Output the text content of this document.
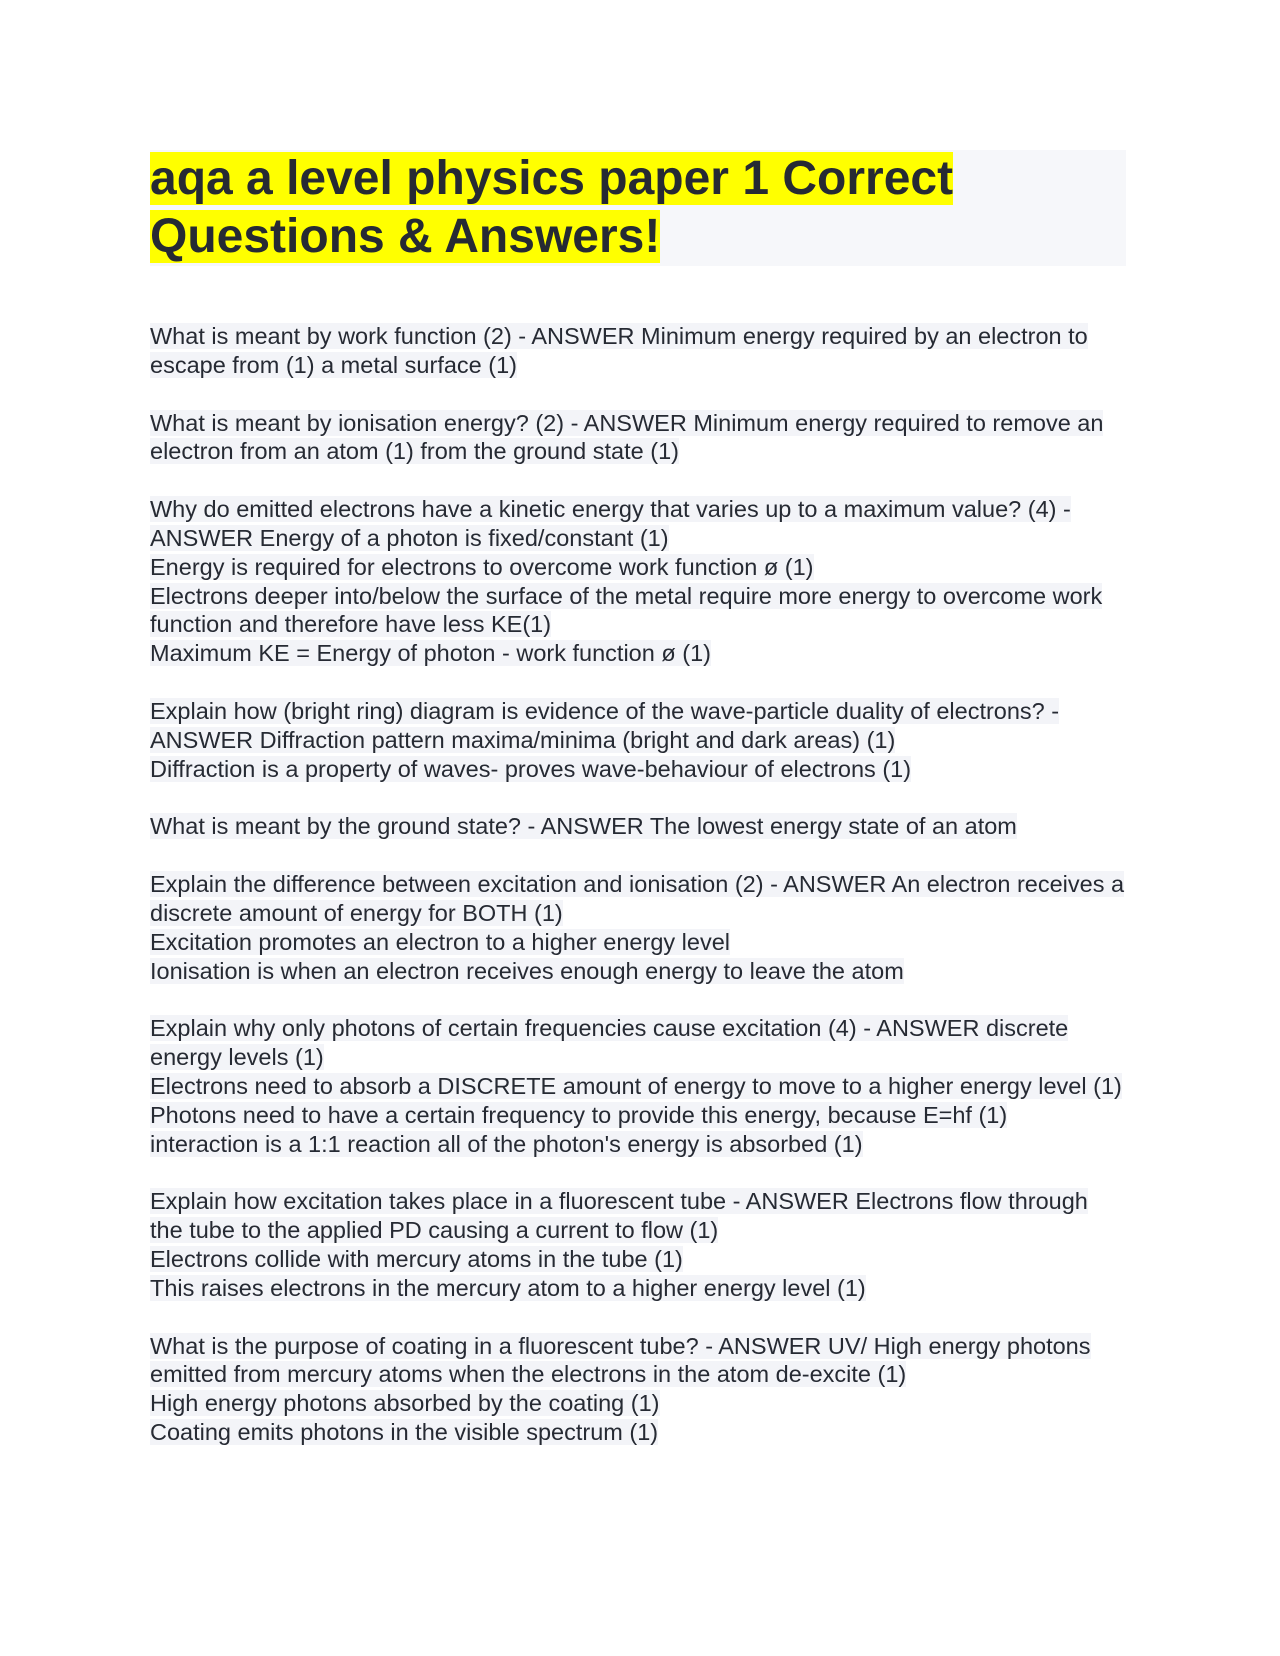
aqa a level physics paper 1 Correct Questions & Answers!
What is meant by work function (2) - ANSWER Minimum energy required by an electron to escape from (1) a metal surface (1)
What is meant by ionisation energy? (2) - ANSWER Minimum energy required to remove an electron from an atom (1) from the ground state (1)
Why do emitted electrons have a kinetic energy that varies up to a maximum value? (4) - ANSWER Energy of a photon is fixed/constant (1)
Energy is required for electrons to overcome work function ø (1)
Electrons deeper into/below the surface of the metal require more energy to overcome work function and therefore have less KE(1)
Maximum KE = Energy of photon - work function ø (1)
Explain how (bright ring) diagram is evidence of the wave-particle duality of electrons? - ANSWER Diffraction pattern maxima/minima (bright and dark areas) (1)
Diffraction is a property of waves- proves wave-behaviour of electrons (1)
What is meant by the ground state? - ANSWER The lowest energy state of an atom
Explain the difference between excitation and ionisation (2) - ANSWER An electron receives a discrete amount of energy for BOTH (1)
Excitation promotes an electron to a higher energy level
Ionisation is when an electron receives enough energy to leave the atom
Explain why only photons of certain frequencies cause excitation (4) - ANSWER discrete energy levels (1)
Electrons need to absorb a DISCRETE amount of energy to move to a higher energy level (1)
Photons need to have a certain frequency to provide this energy, because E=hf (1)
interaction is a 1:1 reaction all of the photon's energy is absorbed (1)
Explain how excitation takes place in a fluorescent tube - ANSWER Electrons flow through the tube to the applied PD causing a current to flow (1)
Electrons collide with mercury atoms in the tube (1)
This raises electrons in the mercury atom to a higher energy level (1)
What is the purpose of coating in a fluorescent tube? - ANSWER UV/ High energy photons emitted from mercury atoms when the electrons in the atom de-excite (1)
High energy photons absorbed by the coating (1)
Coating emits photons in the visible spectrum (1)
